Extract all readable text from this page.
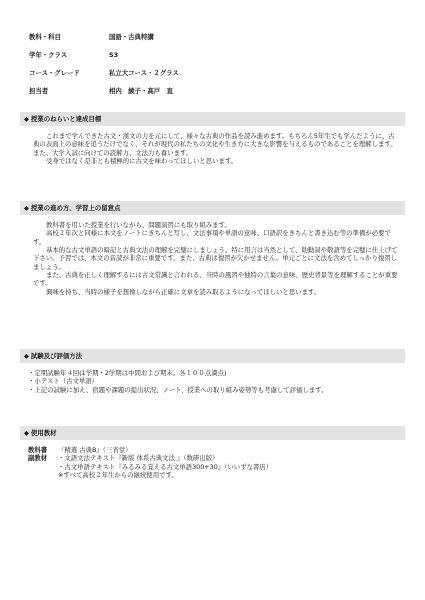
教科・科目	国語・古典特講
学年・クラス	S3
コース・グレード	私立大コース・２グラス
担当者	相内　綾子・高戸　直
◆ 授業のねらいと達成目標

これまで学んできた古文・漢文の力を元にして、様々な古典の作品を読み進めます。もちろん5年生でも学んだように、古典の表面上の意味を追うだけでなく、それが現代の私たちの文化や生き方に大きな影響を与えるものであることを理解します。また、大学入試に向けての読解力、文法力も養います。

受身ではなく是非とも積極的に古文を味わってほしいと思います。

◆ 授業の進め方、学習上の留意点

教科書を用いた授業を行いながら、問題演習にも取り組みます。

高校２年次と同様に本文をノートにきちんと写し、文法事項や単語の意味、口語訳をきちんと書き込む等の準備が必要です。

基本的な古文単語の暗記と古典文法の理解を完璧にしましょう。特に用言は当然として、助動詞や敬語等を完璧に仕上げて下さい。予習では、本文の音読が非常に重要です。また、古典は復習が欠かせません。単元ごとに文法を含めてしっかり復習しましょう。

また、古典を正しく理解するには古文常識と言われる、当時の風習や独特の言葉の意味、歴史背景等を理解することが重要です。

興味を持ち、当時の様子を想像しながら正確に文章を読み取るようになってほしいと思います。

◆ 試験及び評価方法

・定期試験年４回(1学期・2学期は中間および期末。各１００点満点)

・小テスト（古文単語）

・上記の試験に加え、宿題や課題の提出状況、ノート、授業への取り組み姿勢等も考慮して評価します。

◆ 使用教材
教科書	『精選 古典B』（三省堂）
副教材	・文語文法テキスト『新版 体系古典文法 』（数研出版）
・古文単語テキスト『みるみる覚える古文単語300+30』（いいずな書店）
※すべて高校２年生からの継続使用です。
